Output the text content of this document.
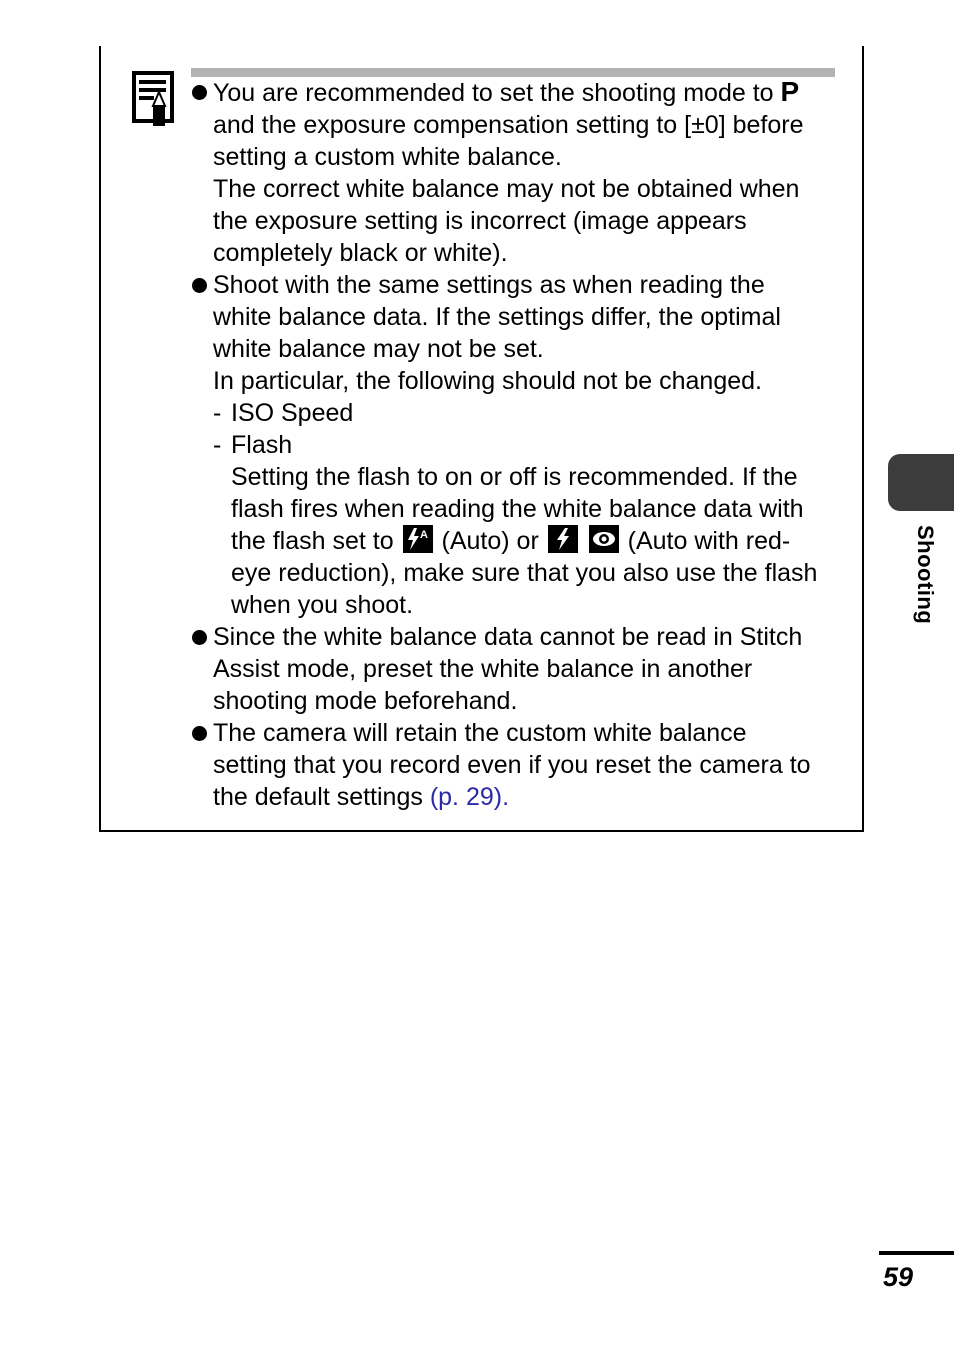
You are recommended to set the shooting mode to P
and the exposure compensation setting to [±0] before
setting a custom white balance.
The correct white balance may not be obtained when
the exposure setting is incorrect (image appears
completely black or white).
Shoot with the same settings as when reading the
white balance data. If the settings differ, the optimal
white balance may not be set.
In particular, the following should not be changed.
- ISO Speed
- Flash
Setting the flash to on or off is recommended. If the
flash fires when reading the white balance data with
the flash set to A (Auto) or	(Auto with red-
eye reduction), make sure that you also use the flash
when you shoot.
Since the white balance data cannot be read in Stitch
Assist mode, preset the white balance in another
shooting mode beforehand.
The camera will retain the custom white balance
setting that you record even if you reset the camera to
the default settings (p. 29).
Shooting
59
